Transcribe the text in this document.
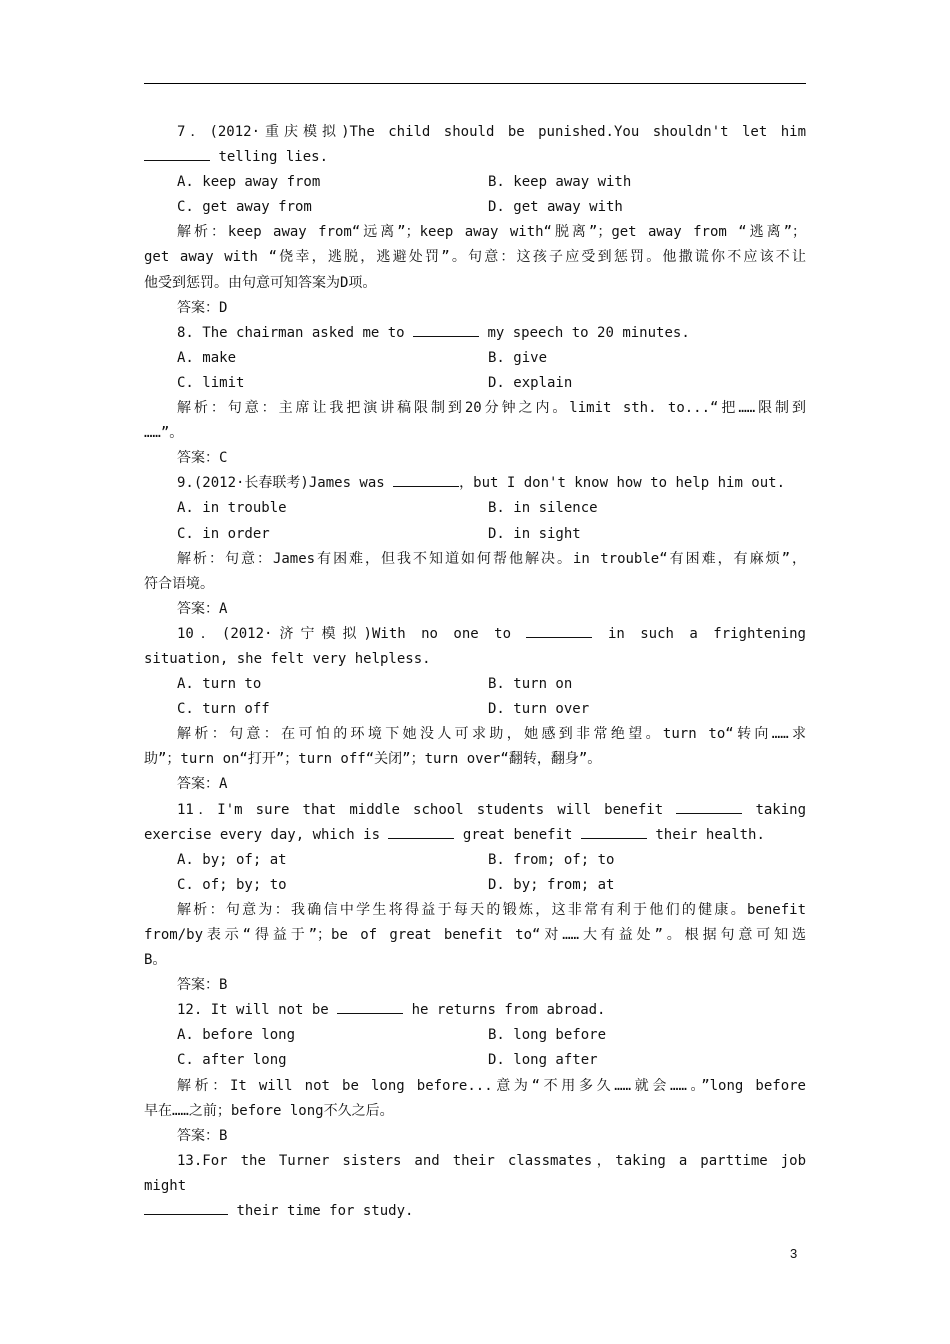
7．(2012·重庆模拟)The child should be punished.You shouldn't let him

telling lies.

A. keep away from	B. keep away with
C. get away from	D. get away with

解析：keep away from“远离”；keep away with“脱离”；get away from “逃离”；

get away with “侥幸，逃脱，逃避处罚”。句意：这孩子应受到惩罚。他撒谎你不应该不让

他受到惩罚。由句意可知答案为D项。

答案：D

8. The chairman asked me to	my speech to 20 minutes.

A. make	B. give
C. limit	D. explain

解析：句意：主席让我把演讲稿限制到20分钟之内。limit sth. to...“把……限制到

……”。

答案：C

9.(2012·长春联考)James was	，but I don't know how to help him out.

A. in trouble	B. in silence
C. in order	D. in sight

解析：句意：James有困难，但我不知道如何帮他解决。in trouble“有困难，有麻烦”，

符合语境。

答案：A

10．(2012·济宁模拟)With no one to	in such a frightening

situation, she felt very helpless.

A. turn to	B. turn on
C. turn off	D. turn over

解析：句意：在可怕的环境下她没人可求助，她感到非常绝望。turn to“转向……求

助”；turn on“打开”；turn off“关闭”；turn over“翻转，翻身”。

答案：A

11．I'm sure that middle school students will benefit	taking

exercise every day, which is	great benefit	their health.

A. by; of; at	B. from; of; to
C. of; by; to	D. by; from; at

解析：句意为：我确信中学生将得益于每天的锻炼，这非常有利于他们的健康。benefit

from/by表示“得益于”；be of great benefit to“对……大有益处”。根据句意可知选

B。

答案：B

12. It will not be	he returns from abroad.

A. before long	B. long before
C. after long	D. long after

解析：It will not be long before...意为“不用多久……就会……。”long before

早在……之前；before long不久之后。

答案：B

13.For the Turner sisters and their classmates，taking a parttime job might

their time for study.

3
